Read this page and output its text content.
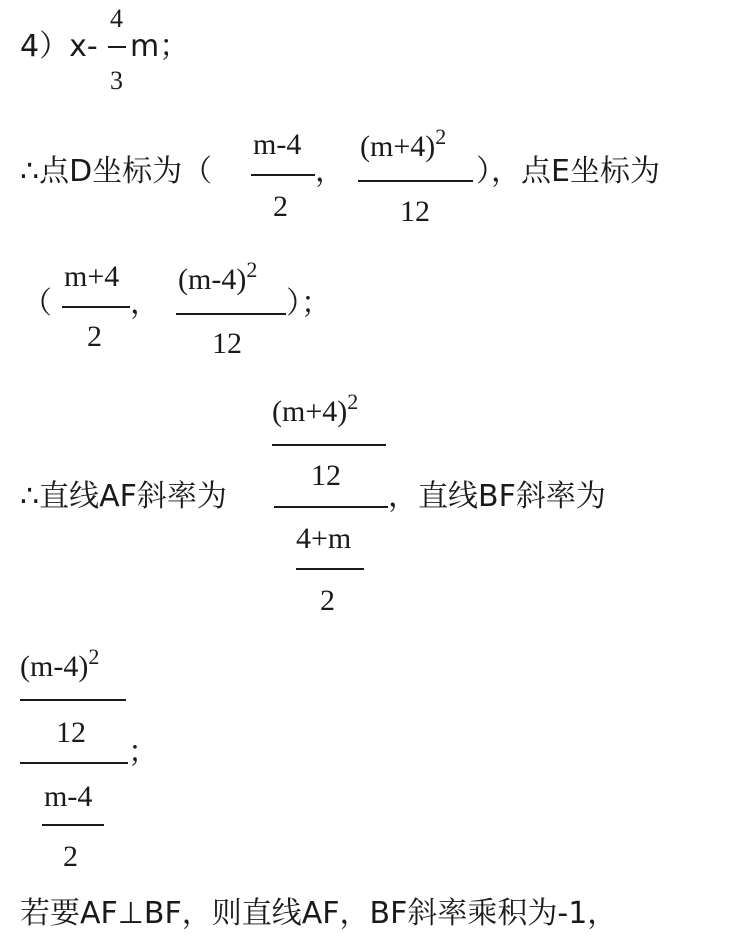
4）x-
4
3
m；
∴点D坐标为（
m-4
2
，
$(m+4)^2$
12
），点E坐标为
（
m+4
2
，
$(m-4)^2$
12
）；
∴直线AF斜率为
$(m+4)^2$
12
4+m
2
，直线BF斜率为
$(m-4)^2$
12
m-4
2
；
若要AF⊥BF，则直线AF，BF斜率乘积为-1，
